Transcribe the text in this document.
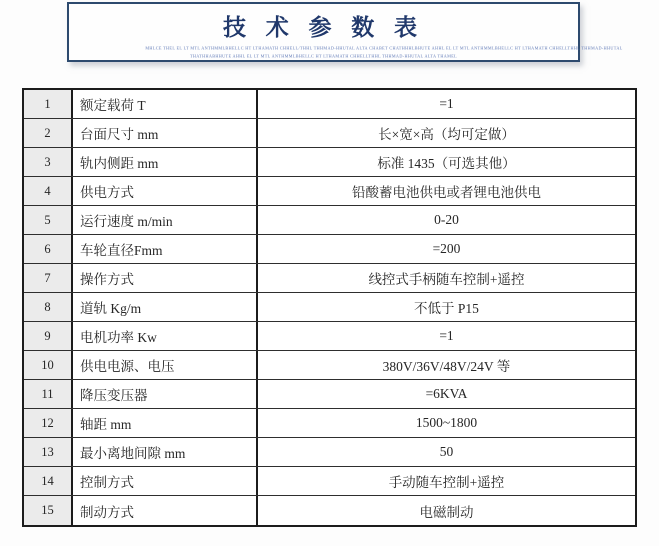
技 术 参 数 表
MHLCE THEL EL LT MTL ANTHMMLBHELLC HT LTHAMATH CHHELL/THHL THHMAD-HHUTAL ALTA CHABET CHATHHHLBHUTE AHHL EL LT MTL ANTHMMLBHELLC HT LTHAMATH CHHELLTHHL THHMAD-HHUTAL
THATHHABHHUTE AHHL EL LT MTL ANTHMMLBHELLC HT LTHAMATH CHHELLTHHL THHMAD-HHUTAL ALTA THAMEL
1	额定载荷 T	=1
2	台面尺寸 mm	长×宽×高（均可定做）
3	轨内侧距 mm	标准 1435（可选其他）
4	供电方式	铅酸蓄电池供电或者锂电池供电
5	运行速度 m/min	0-20
6	车轮直径Fmm	=200
7	操作方式	线控式手柄随车控制+遥控
8	道轨 Kg/m	不低于 P15
9	电机功率 Kw	=1
10	供电电源、电压	380V/36V/48V/24V 等
11	降压变压器	=6KVA
12	轴距 mm	1500~1800
13	最小离地间隙 mm	50
14	控制方式	手动随车控制+遥控
15	制动方式	电磁制动
